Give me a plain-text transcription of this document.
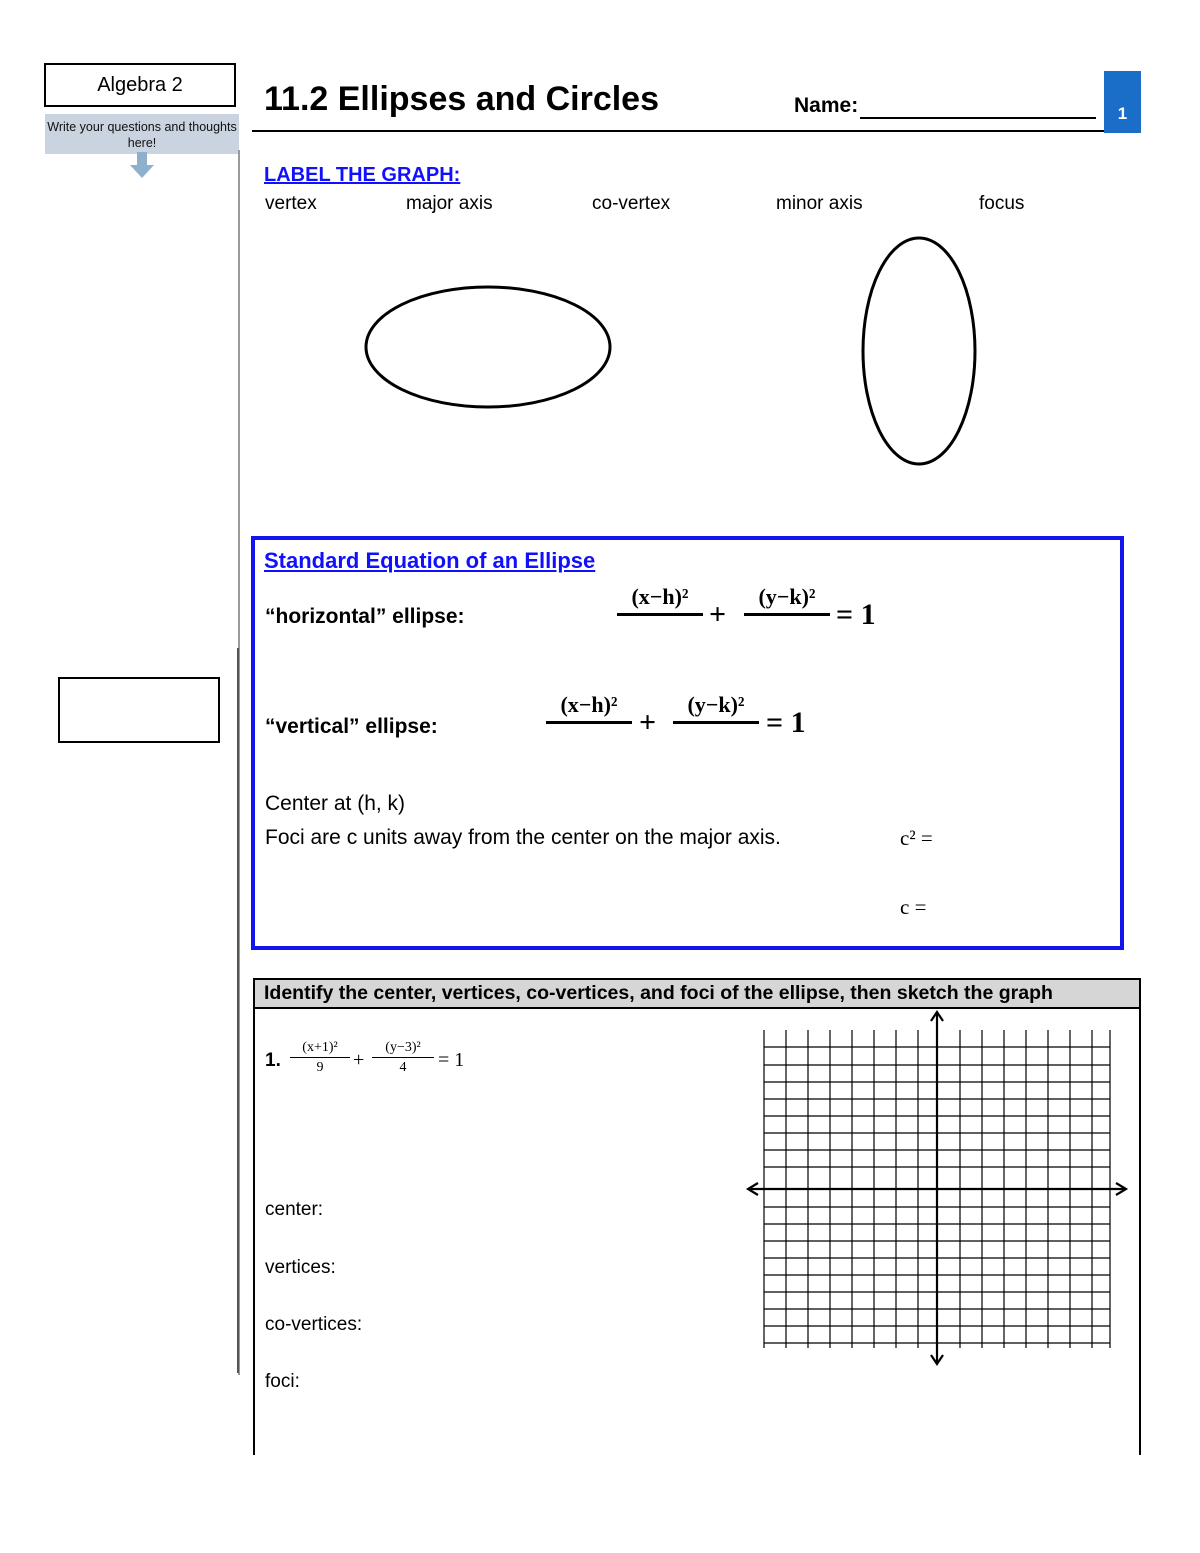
Algebra 2
Write your questions and thoughts here!
11.2 Ellipses and Circles	Name:	1
LABEL THE GRAPH:
vertex	major axis	co-vertex	minor axis	focus
Standard Equation of an Ellipse
“horizontal” ellipse:
(x−h)²
+
(y−k)²
= 1
“vertical” ellipse:
(x−h)²
+
(y−k)²
= 1
Center at (h, k)
Foci are c units away from the center on the major axis.	c² =
c =
Identify the center, vertices, co-vertices, and foci of the ellipse, then sketch the graph
1.
(x+1)²
9	+
(y−3)²
4	= 1
center:
vertices:
co-vertices:
foci:
